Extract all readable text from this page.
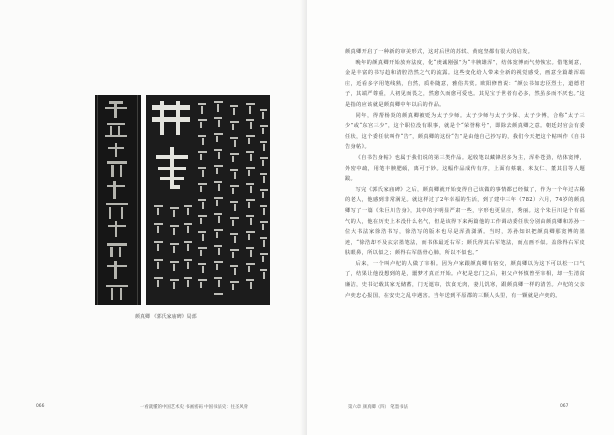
颜真卿 《郭氏家庙碑》局部
066	一看就懂的中国艺术史 书画密码 中国书法史：往圣风骨

颜真卿开启了一种新的审美形式，这对后世的苏轼、黄庭坚都有很大的启发。

晚年的颜真卿开始放弃法度，化“虔诚刚强”为“丰腴雄浑”，结体宽博而气势恢宏。借笔刻意，金是丰富的书写趋和清腔浩然之气的流露。这些变化给人带来全新的视觉感受，画意全篇雄浑端庄，近看多字用笔线熟，自然，质朴随意，雅俗共赏。欧阳修曾说：“颜公书如忠臣烈士，道德君子，其端严尊重，人初见而畏之，然愈久而愈可爱也。其见宝于世者有必多，然虽多而不厌也。”这是指的应该就是颜真卿中年以后的作品。

同年，得帮杨炎的颜真卿被贬为太子少师。太子少师与太子少保、太子少傅，合称“太子三少”或“东宫三少”，这个职位没有职事，就是个“荣誉称号”，即除去颜真卿之意。朝廷封官会有委任状，这个委任状叫作“告”，颜真卿的这份“告”是由他自己抄写的，我们今天把这个帖叫作《自书告身帖》。

《自书告身帖》也属于我们说的第三类作品。起收笔以藏锋居多为主，浑朴苍劲，结体宽博，外密中疏，用笔丰腴肥硕，离可于妙。这幅作品成传有序，上面有蔡襄、米友仁、董其昌等人题跋。

写完《郭氏家庙碑》之后，颜真卿就开始变得自己该做的事情都已经做了，作为一个年过古稀的老人，他感到非常满足。就这样过了2年幸福的生活，到了建中三年（782）六月，74岁的颜真卿写了一篇《朱巨川告身》，其中的字明显严肃一些，字形也更显庄，秀丽。这个朱巨川是个有福气的人，他在历史上本没什么名气，但是该得下来两篇他的工作调动委任状分别由颜真卿和苏孙一位大书法家徐浩书写，徐浩写的版本也尽是浑劲潇洒。当时，苏孙知识把颜真卿那宽博的墨迹，“徐浩却不及玄宗墨笔法，而书体最近右军；颜氏得其右军笔法，而点画不似。盖徐得右军皮肤眼鼻，所以似之；颜得右军筋骨心肺，所以不似也。”

后来，一个叫卢杞的人做了宰相。因为卢家跟颜真卿有宿交，颜真卿以为这下可以松一口气了，结果让他没想到的是，噩梦才真正开始。卢杞是忠门之后，祖父卢怀慎曾至宰相，却一生清贫廉洁，史书记载其家无储蓄，门无遮帘，饮食无肉，妻儿饥寒，跟颜真卿一样的清苦。卢杞的父亲卢奕忠心报国，在安史之乱中遇害。当年送到平原郡的三颗人头里，有一颗就是卢奕的。

第六章 颜真卿（四） 笔墨书法	067
